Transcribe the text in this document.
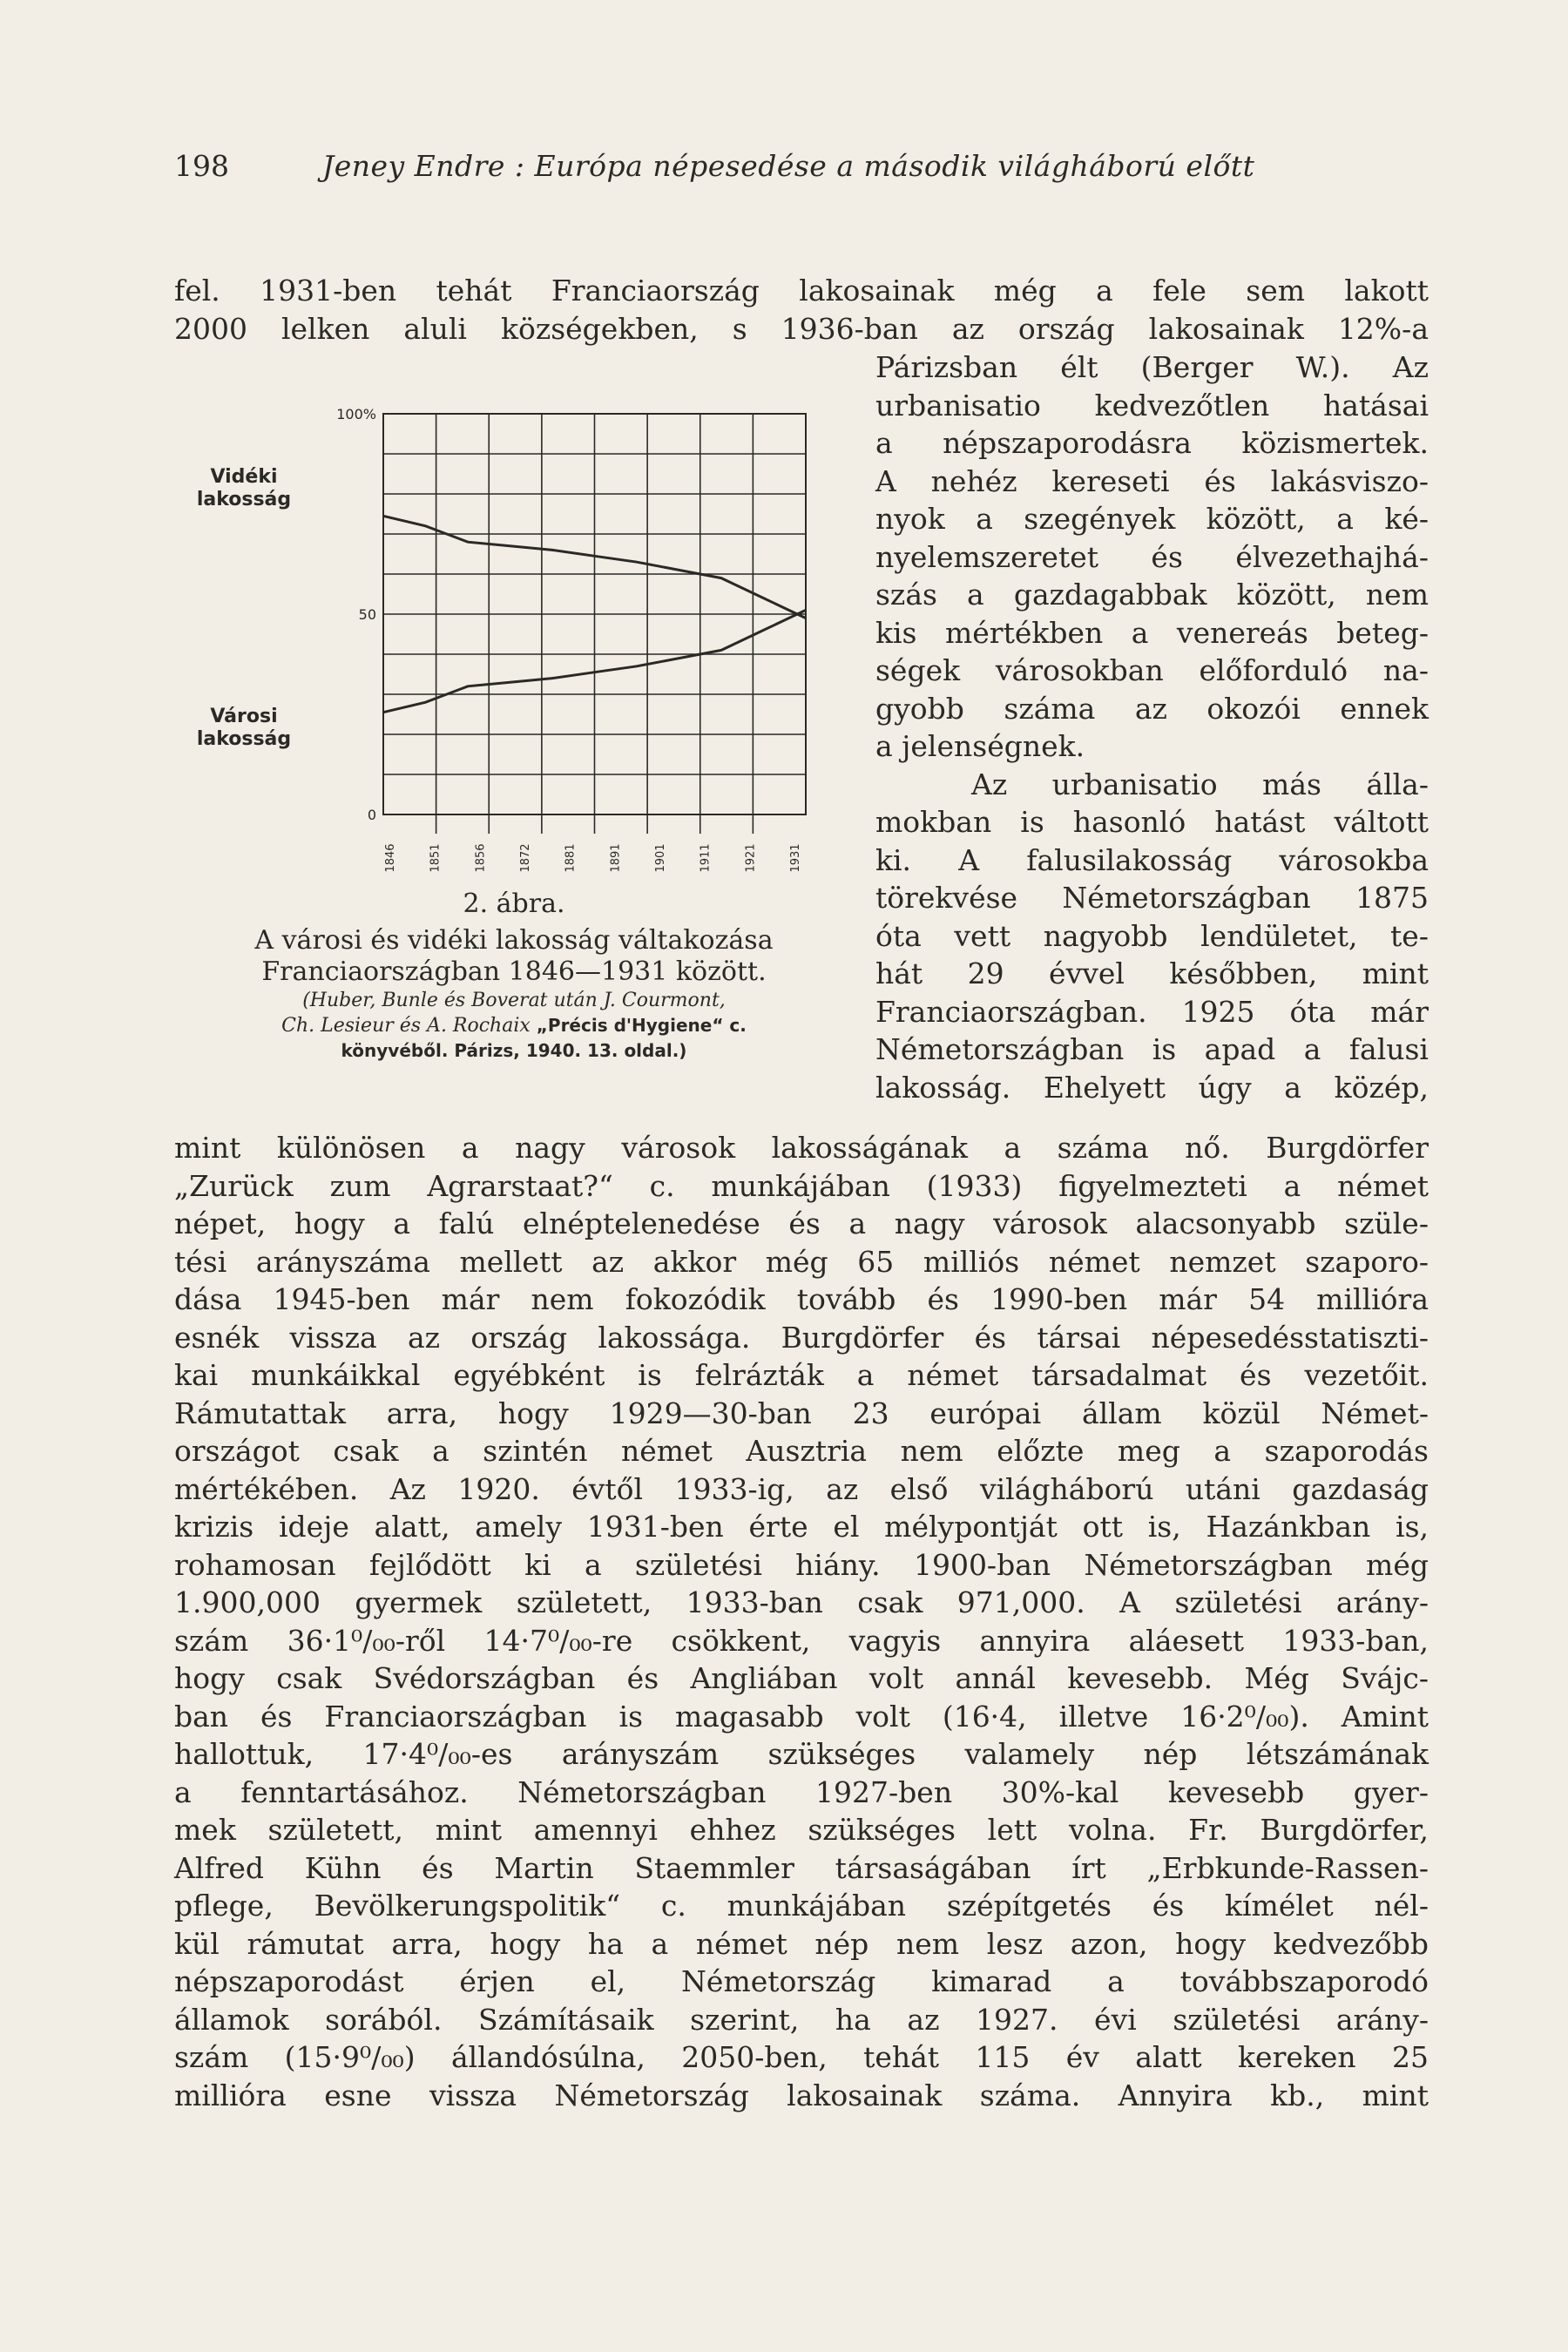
198	Jeney Endre : Európa népesedése a második világháború előtt
fel. 1931-ben tehát Franciaország lakosainak még a fele sem lakott
2000 lelken aluli községekben, s 1936-ban az ország lakosainak 12%-a
Vidéki lakosság
Városi lakosság
100%
50
0
1846	1851	1856	1872	1881	1891	1901	1911	1921	1931
Párizsban élt (Berger W.). Az
urbanisatio kedvezőtlen hatásai
a népszaporodásra közismertek.
A nehéz kereseti és lakásviszo-
nyok a szegények között, a ké-
nyelemszeretet és élvezethajhá-
szás a gazdagabbak között, nem
kis mértékben a venereás beteg-
ségek városokban előforduló na-
gyobb száma az okozói ennek
a jelenségnek.
Az urbanisatio más álla-
mokban is hasonló hatást váltott
ki. A falusilakosság városokba
törekvése Németországban 1875
óta vett nagyobb lendületet, te-
hát 29 évvel későbben, mint
Franciaországban. 1925 óta már
Németországban is apad a falusi
lakosság. Ehelyett úgy a közép,
2. ábra.
A városi és vidéki lakosság váltakozása
Franciaországban 1846—1931 között.
(Huber, Bunle és Boverat után J. Courmont,
Ch. Lesieur és A. Rochaix „Précis d'Hygiene“ c.
könyvéből. Párizs, 1940. 13. oldal.)
mint különösen a nagy városok lakosságának a száma nő. Burgdörfer
„Zurück zum Agrarstaat?“ c. munkájában (1933) figyelmezteti a német
népet, hogy a falú elnéptelenedése és a nagy városok alacsonyabb szüle-
tési arányszáma mellett az akkor még 65 milliós német nemzet szaporo-
dása 1945-ben már nem fokozódik tovább és 1990-ben már 54 millióra
esnék vissza az ország lakossága. Burgdörfer és társai népesedésstatiszti-
kai munkáikkal egyébként is felrázták a német társadalmat és vezetőit.
Rámutattak arra, hogy 1929—30-ban 23 európai állam közül Német-
országot csak a szintén német Ausztria nem előzte meg a szaporodás
mértékében. Az 1920. évtől 1933-ig, az első világháború utáni gazdaság
krizis ideje alatt, amely 1931-ben érte el mélypontját ott is, Hazánkban is,
rohamosan fejlődött ki a születési hiány. 1900-ban Németországban még
1.900,000 gyermek született, 1933-ban csak 971,000. A születési arány-
szám 36·1⁰/₀₀-ről 14·7⁰/₀₀-re csökkent, vagyis annyira aláesett 1933-ban,
hogy csak Svédországban és Angliában volt annál kevesebb. Még Svájc-
ban és Franciaországban is magasabb volt (16·4, illetve 16·2⁰/₀₀). Amint
hallottuk, 17·4⁰/₀₀-es arányszám szükséges valamely nép létszámának
a fenntartásához. Németországban 1927-ben 30%-kal kevesebb gyer-
mek született, mint amennyi ehhez szükséges lett volna. Fr. Burgdörfer,
Alfred Kühn és Martin Staemmler társaságában írt „Erbkunde-Rassen-
pflege, Bevölkerungspolitik“ c. munkájában szépítgetés és kímélet nél-
kül rámutat arra, hogy ha a német nép nem lesz azon, hogy kedvezőbb
népszaporodást érjen el, Németország kimarad a továbbszaporodó
államok sorából. Számításaik szerint, ha az 1927. évi születési arány-
szám (15·9⁰/₀₀) állandósúlna, 2050-ben, tehát 115 év alatt kereken 25
millióra esne vissza Németország lakosainak száma. Annyira kb., mint
